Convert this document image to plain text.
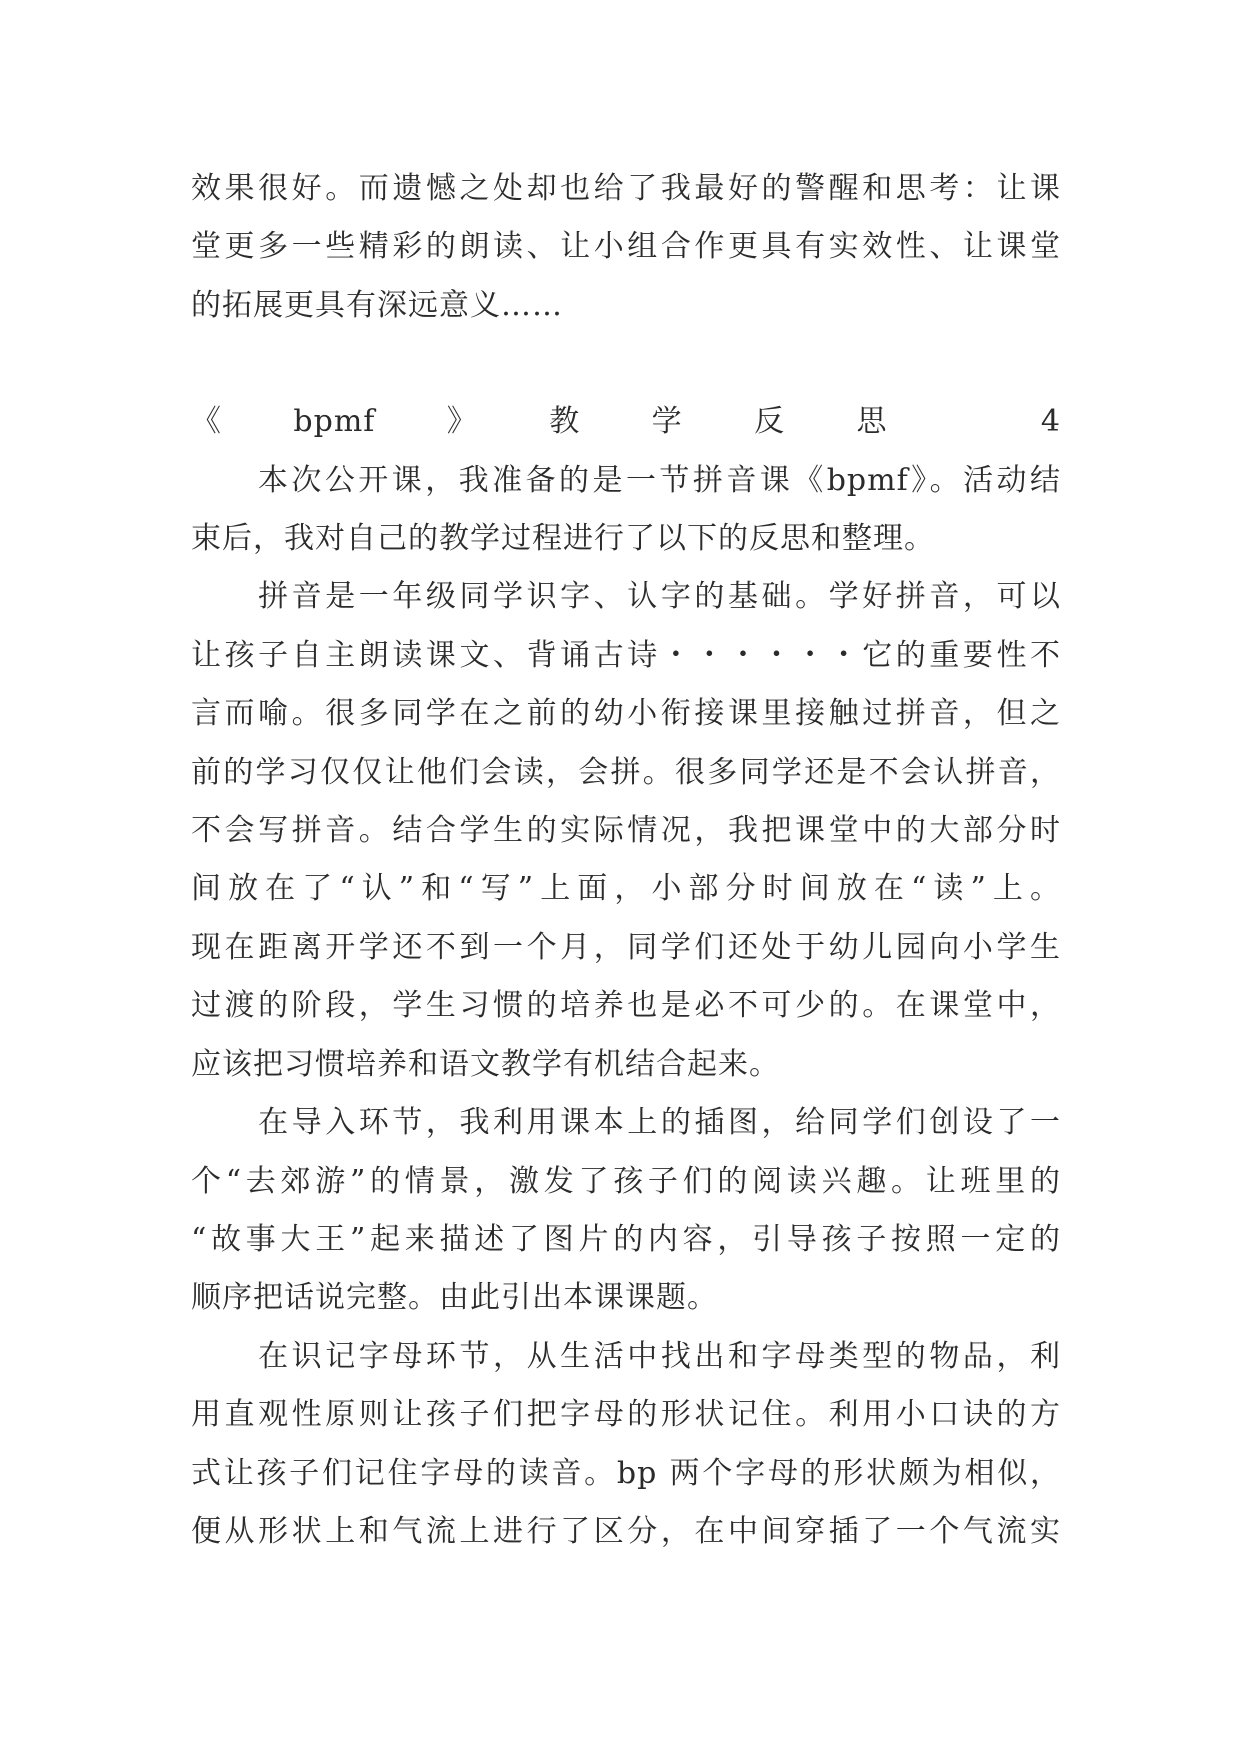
效果很好。而遗憾之处却也给了我最好的警醒和思考：让课

堂更多一些精彩的朗读、让小组合作更具有实效性、让课堂

的拓展更具有深远意义……

《bpmf》教学反思 4

　　本次公开课，我准备的是一节拼音课《bpmf》。活动结

束后，我对自己的教学过程进行了以下的反思和整理。

　　拼音是一年级同学识字、认字的基础。学好拼音，可以

让孩子自主朗读课文、背诵古诗・・・・・・它的重要性不

言而喻。很多同学在之前的幼小衔接课里接触过拼音，但之

前的学习仅仅让他们会读，会拼。很多同学还是不会认拼音，

不会写拼音。结合学生的实际情况，我把课堂中的大部分时

间放在了“认”和“写”上面，小部分时间放在“读”上。

现在距离开学还不到一个月，同学们还处于幼儿园向小学生

过渡的阶段，学生习惯的培养也是必不可少的。在课堂中，

应该把习惯培养和语文教学有机结合起来。

　　在导入环节，我利用课本上的插图，给同学们创设了一

个“去郊游”的情景，激发了孩子们的阅读兴趣。让班里的

“故事大王”起来描述了图片的内容，引导孩子按照一定的

顺序把话说完整。由此引出本课课题。

　　在识记字母环节，从生活中找出和字母类型的物品，利

用直观性原则让孩子们把字母的形状记住。利用小口诀的方

式让孩子们记住字母的读音。bp 两个字母的形状颇为相似，

便从形状上和气流上进行了区分，在中间穿插了一个气流实
